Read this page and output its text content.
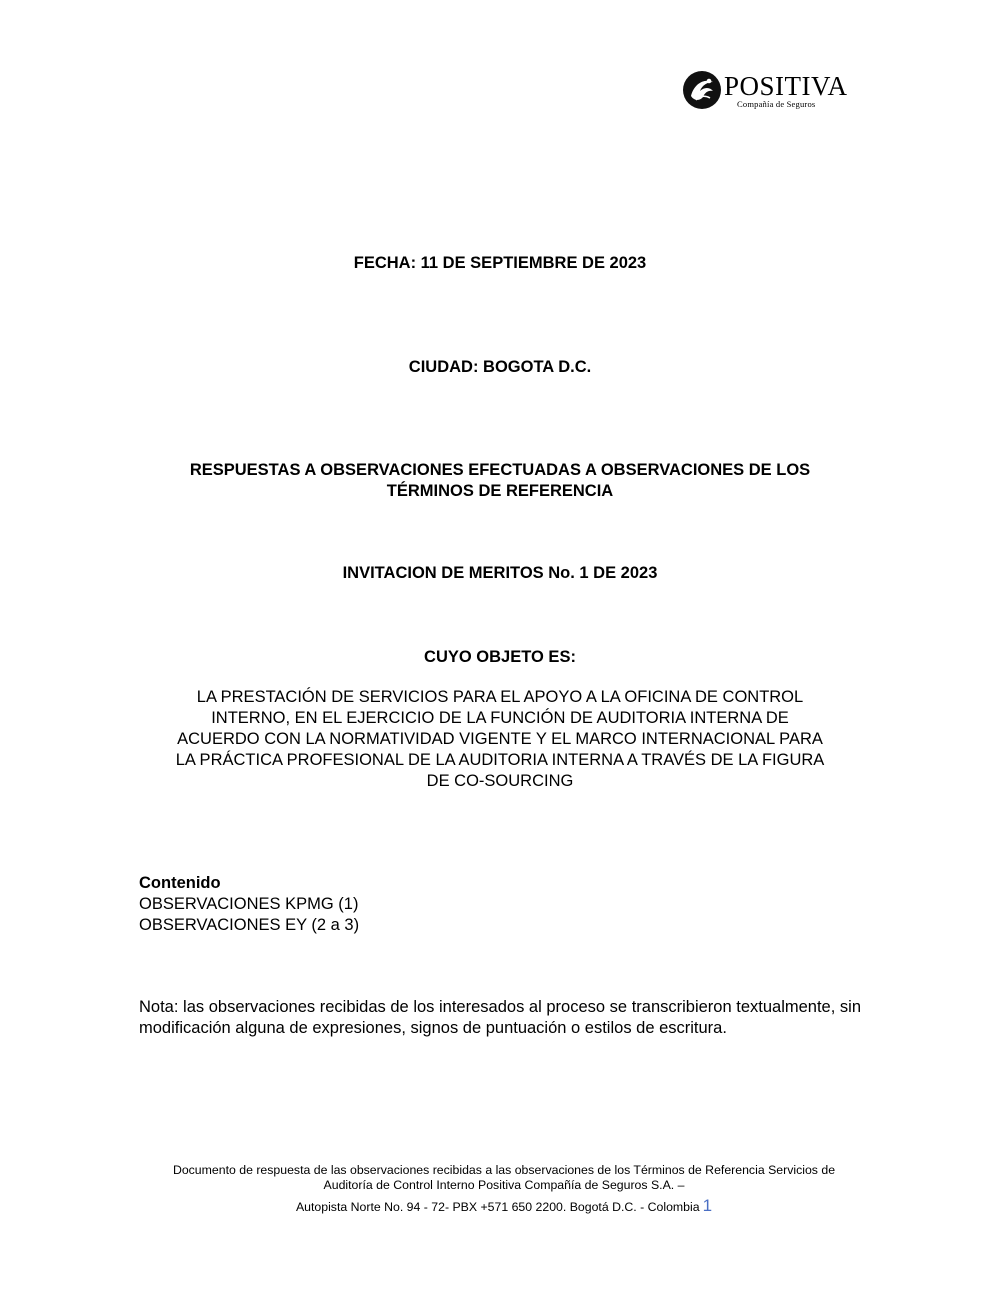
POSITIVA
Compañía de Seguros
FECHA: 11 DE SEPTIEMBRE DE 2023
CIUDAD: BOGOTA D.C.
RESPUESTAS A OBSERVACIONES EFECTUADAS A OBSERVACIONES DE LOS
TÉRMINOS DE REFERENCIA
INVITACION DE MERITOS No. 1 DE 2023
CUYO OBJETO ES:
LA PRESTACIÓN DE SERVICIOS PARA EL APOYO A LA OFICINA DE CONTROL
INTERNO, EN EL EJERCICIO DE LA FUNCIÓN DE AUDITORIA INTERNA DE
ACUERDO CON LA NORMATIVIDAD VIGENTE Y EL MARCO INTERNACIONAL PARA
LA PRÁCTICA PROFESIONAL DE LA AUDITORIA INTERNA A TRAVÉS DE LA FIGURA
DE CO-SOURCING
Contenido
OBSERVACIONES KPMG (1)
OBSERVACIONES EY (2 a 3)
Nota: las observaciones recibidas de los interesados al proceso se transcribieron textualmente, sin modificación alguna de expresiones, signos de puntuación o estilos de escritura.
Documento de respuesta de las observaciones recibidas a las observaciones de los Términos de Referencia Servicios de
Auditoría de Control Interno Positiva Compañía de Seguros S.A. –
Autopista Norte No. 94 - 72- PBX +571 650 2200. Bogotá D.C. - Colombia 1
